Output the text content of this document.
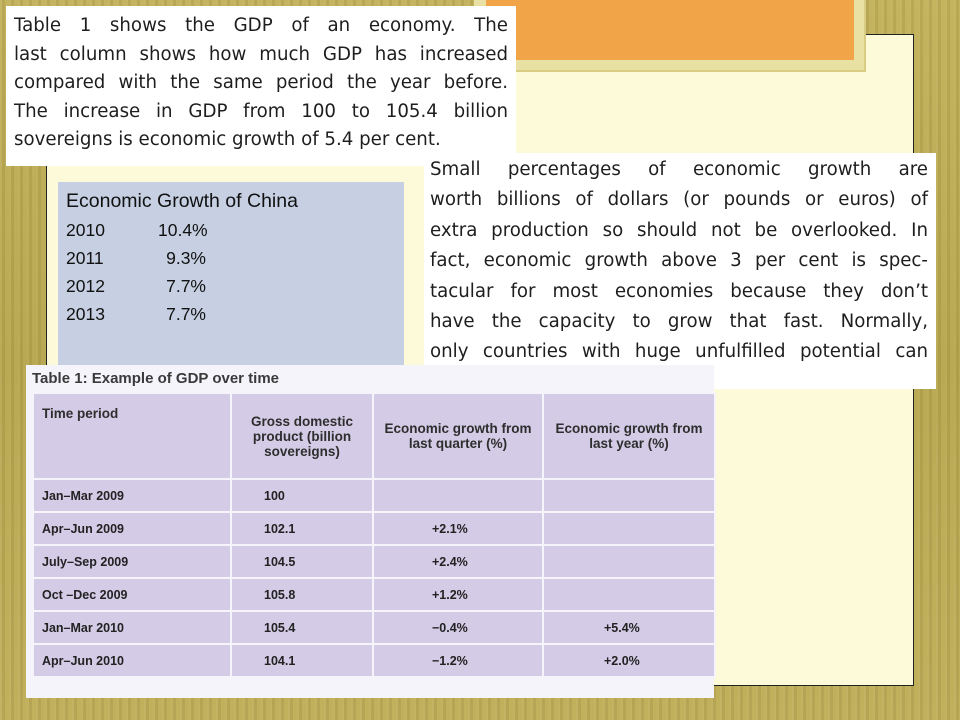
Table 1 shows the GDP of an economy. The
last column shows how much GDP has increased
compared with the same period the year before.
The increase in GDP from 100 to 105.4 billion
sovereigns is economic growth of 5.4 per cent.
Small percentages of economic growth are
worth billions of dollars (or pounds or euros) of
extra production so should not be overlooked. In
fact, economic growth above 3 per cent is spec-
tacular for most economies because they don’t
have the capacity to grow that fast. Normally,
only countries with huge unfulfilled potential can
Economic Growth of China
2010	10.4%
2011	9.3%
2012	7.7%
2013	7.7%
Table 1: Example of GDP over time
Time period	Gross domestic product (billion sovereigns)	Economic growth from last quarter (%)	Economic growth from last year (%)
Jan–Mar 2009	100		
Apr–Jun 2009	102.1	+2.1%	
July–Sep 2009	104.5	+2.4%	
Oct –Dec 2009	105.8	+1.2%	
Jan–Mar 2010	105.4	−0.4%	+5.4%
Apr–Jun 2010	104.1	−1.2%	+2.0%
